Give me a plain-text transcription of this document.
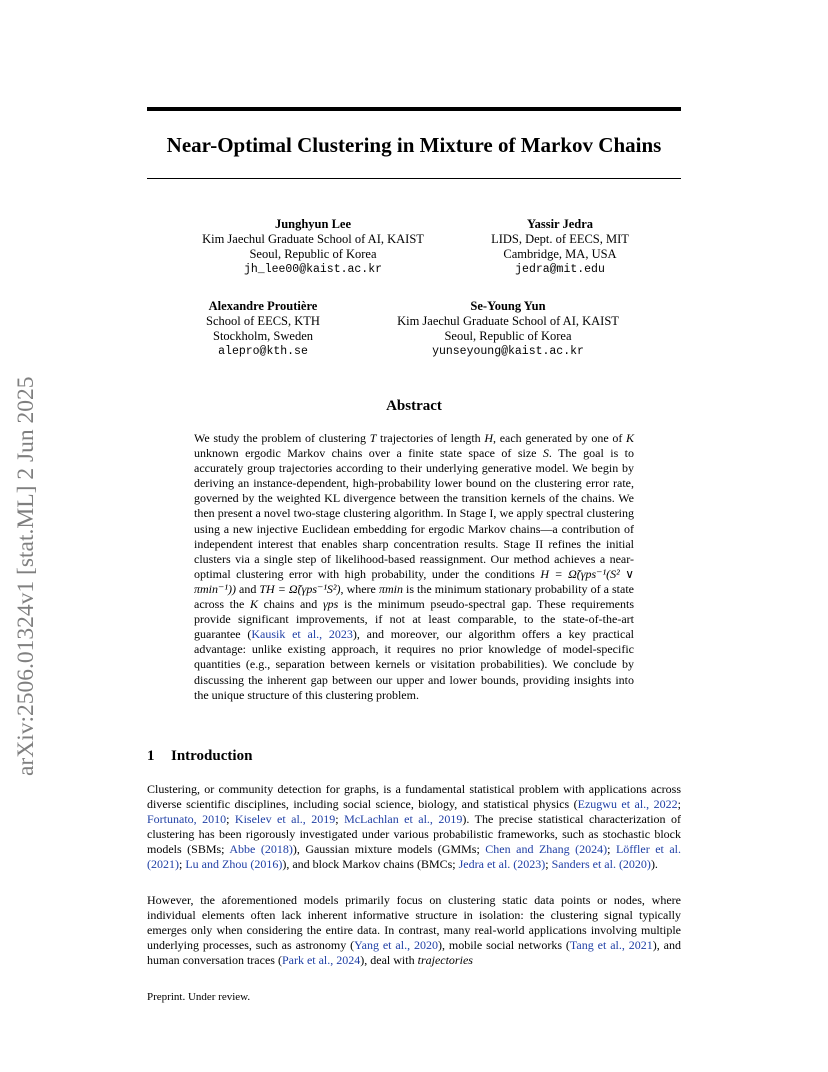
Near-Optimal Clustering in Mixture of Markov Chains
arXiv:2506.01324v1 [stat.ML] 2 Jun 2025
Junghyun Lee
Kim Jaechul Graduate School of AI, KAIST
Seoul, Republic of Korea
jh_lee00@kaist.ac.kr
Yassir Jedra
LIDS, Dept. of EECS, MIT
Cambridge, MA, USA
jedra@mit.edu
Alexandre Proutière
School of EECS, KTH
Stockholm, Sweden
alepro@kth.se
Se-Young Yun
Kim Jaechul Graduate School of AI, KAIST
Seoul, Republic of Korea
yunseyoung@kaist.ac.kr
Abstract
We study the problem of clustering T trajectories of length H, each generated by one of K unknown ergodic Markov chains over a finite state space of size S. The goal is to accurately group trajectories according to their underlying generative model. We begin by deriving an instance-dependent, high-probability lower bound on the clustering error rate, governed by the weighted KL divergence between the transition kernels of the chains. We then present a novel two-stage clustering algorithm. In Stage I, we apply spectral clustering using a new injective Euclidean embedding for ergodic Markov chains—a contribution of independent interest that enables sharp concentration results. Stage II refines the initial clusters via a single step of likelihood-based reassignment. Our method achieves a near-optimal clustering error with high probability, under the conditions H = Ω̃(γps⁻¹(S² ∨ πmin⁻¹)) and TH = Ω̃(γps⁻¹S²), where πmin is the minimum stationary probability of a state across the K chains and γps is the minimum pseudo-spectral gap. These requirements provide significant improvements, if not at least comparable, to the state-of-the-art guarantee (Kausik et al., 2023), and moreover, our algorithm offers a key practical advantage: unlike existing approach, it requires no prior knowledge of model-specific quantities (e.g., separation between kernels or visitation probabilities). We conclude by discussing the inherent gap between our upper and lower bounds, providing insights into the unique structure of this clustering problem.
1 Introduction
Clustering, or community detection for graphs, is a fundamental statistical problem with applications across diverse scientific disciplines, including social science, biology, and statistical physics (Ezugwu et al., 2022; Fortunato, 2010; Kiselev et al., 2019; McLachlan et al., 2019). The precise statistical characterization of clustering has been rigorously investigated under various probabilistic frameworks, such as stochastic block models (SBMs; Abbe (2018)), Gaussian mixture models (GMMs; Chen and Zhang (2024); Löffler et al. (2021); Lu and Zhou (2016)), and block Markov chains (BMCs; Jedra et al. (2023); Sanders et al. (2020)).
However, the aforementioned models primarily focus on clustering static data points or nodes, where individual elements often lack inherent informative structure in isolation: the clustering signal typically emerges only when considering the entire data. In contrast, many real-world applications involving multiple underlying processes, such as astronomy (Yang et al., 2020), mobile social networks (Tang et al., 2021), and human conversation traces (Park et al., 2024), deal with trajectories
Preprint. Under review.
